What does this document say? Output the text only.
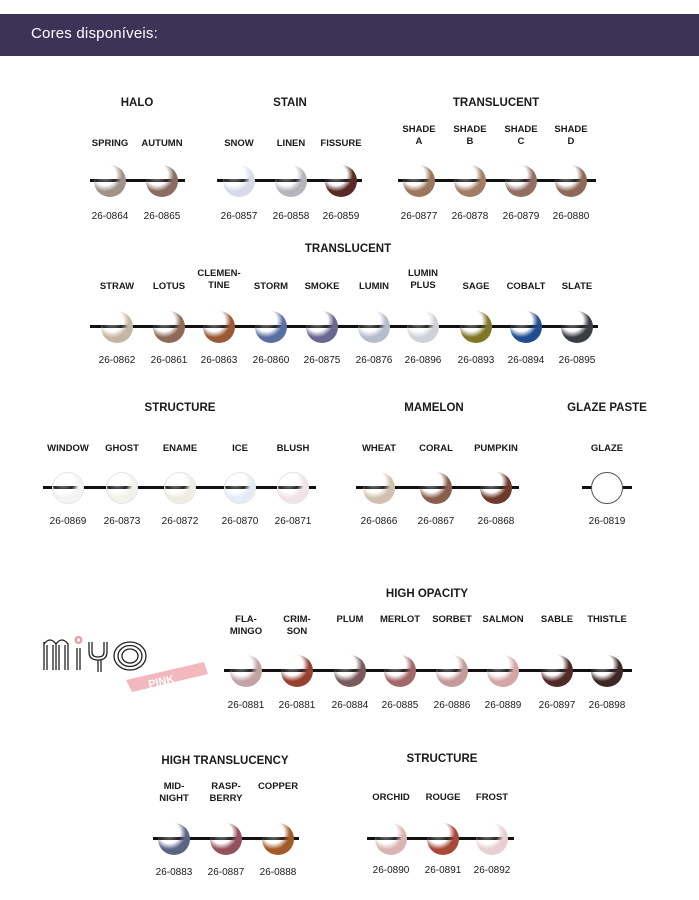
Cores disponíveis:
HALO
SPRING
26-0864
AUTUMN
26-0865
STAIN
SNOW
26-0857
LINEN
26-0858
FISSURE
26-0859
TRANSLUCENT
SHADE
A
26-0877
SHADE
B
26-0878
SHADE
C
26-0879
SHADE
D
26-0880
TRANSLUCENT
STRAW
26-0862
LOTUS
26-0861
CLEMEN-
TINE
26-0863
STORM
26-0860
SMOKE
26-0875
LUMIN
26-0876
LUMIN
PLUS
26-0896
SAGE
26-0893
COBALT
26-0894
SLATE
26-0895
STRUCTURE
WINDOW
26-0869
GHOST
26-0873
ENAME
26-0872
ICE
26-0870
BLUSH
26-0871
MAMELON
WHEAT
26-0866
CORAL
26-0867
PUMPKIN
26-0868
GLAZE PASTE
GLAZE
26-0819
HIGH OPACITY
FLA-
MINGO
26-0881
CRIM-
SON
26-0881
PLUM
26-0884
MERLOT
26-0885
SORBET
26-0886
SALMON
26-0889
SABLE
26-0897
THISTLE
26-0898
HIGH TRANSLUCENCY
MID-
NIGHT
26-0883
RASP-
BERRY
26-0887
COPPER
26-0888
STRUCTURE
ORCHID
26-0890
ROUGE
26-0891
FROST
26-0892
PINK
